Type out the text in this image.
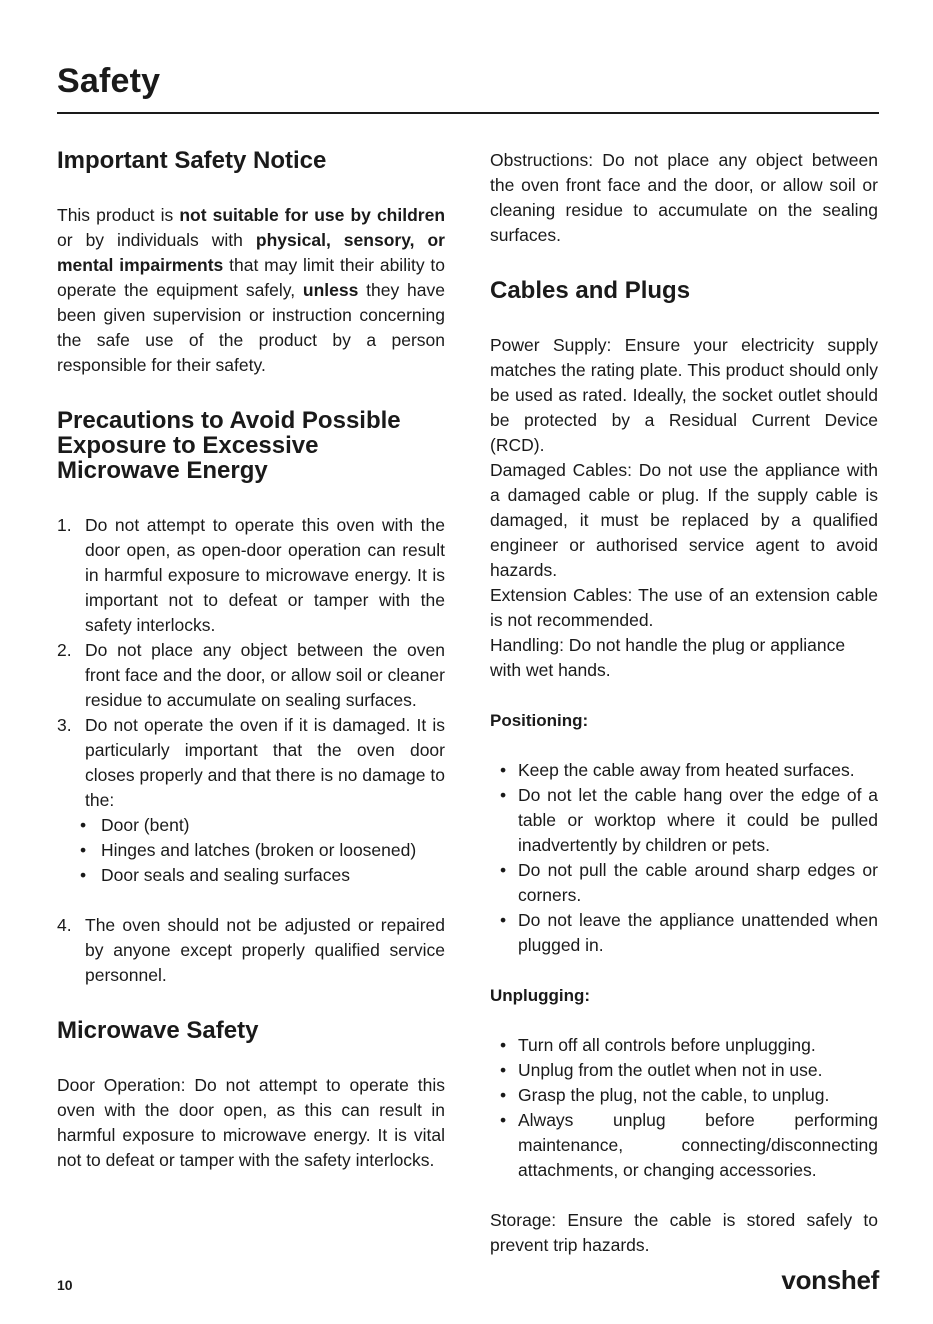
Safety
Important Safety Notice

This product is not suitable for use by children or by individuals with physical, sensory, or mental impairments that may limit their ability to operate the equipment safely, unless they have been given supervision or instruction concerning the safe use of the product by a person responsible for their safety.

Precautions to Avoid Possible Exposure to Excessive Microwave Energy
1. Do not attempt to operate this oven with the door open, as open-door operation can result in harmful exposure to microwave energy. It is important not to defeat or tamper with the safety interlocks.
2. Do not place any object between the oven front face and the door, or allow soil or cleaner residue to accumulate on sealing surfaces.
3. Do not operate the oven if it is damaged. It is particularly important that the oven door closes properly and that there is no damage to the:
• Door (bent)
• Hinges and latches (broken or loosened)
• Door seals and sealing surfaces
4. The oven should not be adjusted or repaired by anyone except properly qualified service personnel.
Microwave Safety

Door Operation: Do not attempt to operate this oven with the door open, as this can result in harmful exposure to microwave energy. It is vital not to defeat or tamper with the safety interlocks.

Obstructions: Do not place any object between the oven front face and the door, or allow soil or cleaning residue to accumulate on the sealing surfaces.

Cables and Plugs

Power Supply: Ensure your electricity supply matches the rating plate. This product should only be used as rated. Ideally, the socket outlet should be protected by a Residual Current Device (RCD).

Damaged Cables: Do not use the appliance with a damaged cable or plug. If the supply cable is damaged, it must be replaced by a qualified engineer or authorised service agent to avoid hazards.

Extension Cables: The use of an extension cable is not recommended.

Handling: Do not handle the plug or appliance with wet hands.

Positioning:
• Keep the cable away from heated surfaces.
• Do not let the cable hang over the edge of a table or worktop where it could be pulled inadvertently by children or pets.
• Do not pull the cable around sharp edges or corners.
• Do not leave the appliance unattended when plugged in.
Unplugging:
• Turn off all controls before unplugging.
• Unplug from the outlet when not in use.
• Grasp the plug, not the cable, to unplug.
• Always unplug before performing maintenance, connecting/disconnecting attachments, or changing accessories.

Storage: Ensure the cable is stored safely to prevent trip hazards.

10	vonshef
